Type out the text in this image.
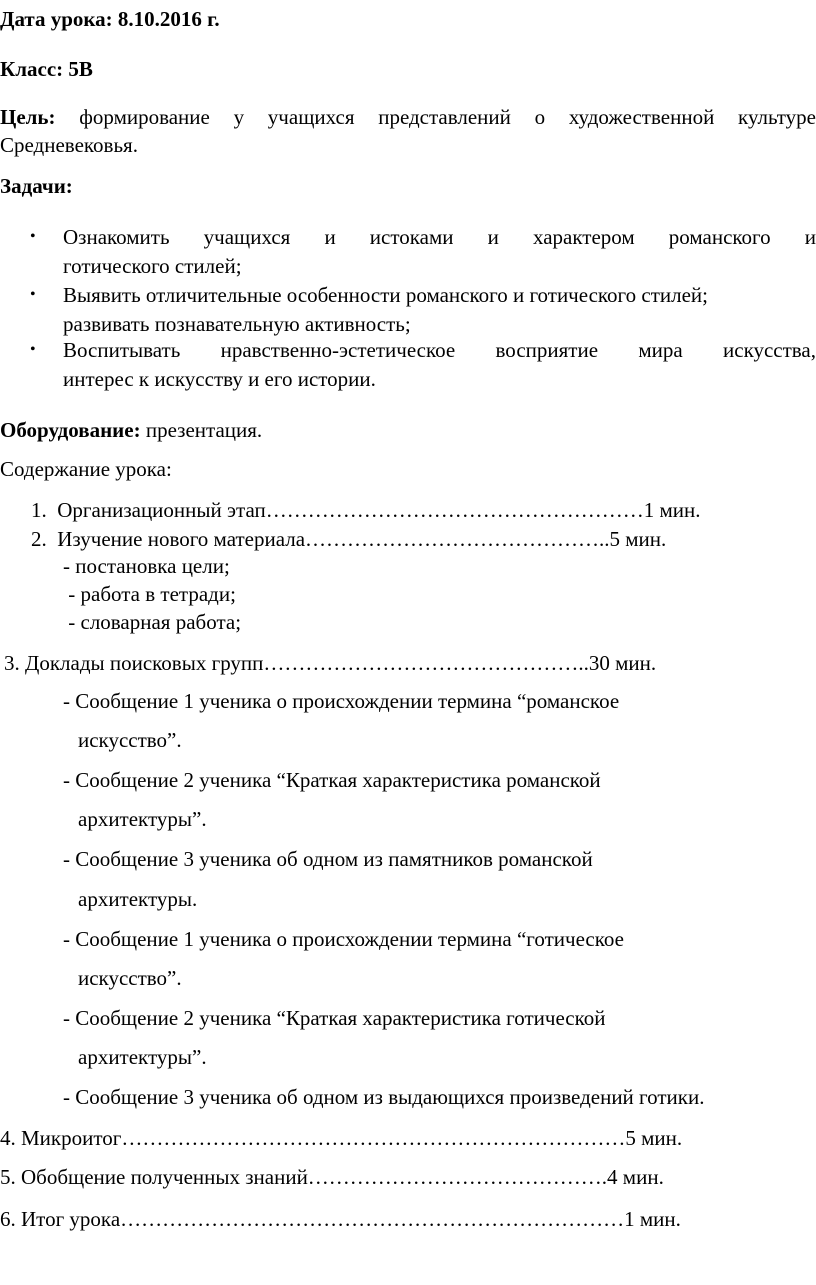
Дата урока: 8.10.2016 г.
Класс: 5В
Цель: формирование у учащихся представлений о художественной культуре
Средневековья.
Задачи:
• Ознакомить учащихся и истоками и характером романского и
готического стилей;
• Выявить отличительные особенности романского и готического стилей;
развивать познавательную активность;
• Воспитывать нравственно-эстетическое восприятие мира искусства,
интерес к искусству и его истории.
Оборудование: презентация.
Содержание урока:
1.  Организационный этап………………………………………………1 мин.
2.  Изучение нового материала……………………………………..5 мин.
- постановка цели;
- работа в тетради;
- словарная работа;
3. Доклады поисковых групп………………………………………..30 мин.
- Сообщение 1 ученика о происхождении термина “романское
искусство”.
- Сообщение 2 ученика “Краткая характеристика романской
архитектуры”.
- Сообщение 3 ученика об одном из памятников романской
архитектуры.
- Сообщение 1 ученика о происхождении термина “готическое
искусство”.
- Сообщение 2 ученика “Краткая характеристика готической
архитектуры”.
- Сообщение 3 ученика об одном из выдающихся произведений готики.
4. Микроитог………………………………………………………………5 мин.
5. Обобщение полученных знаний…………………………………….4 мин.
6. Итог урока………………………………………………………………1 мин.
